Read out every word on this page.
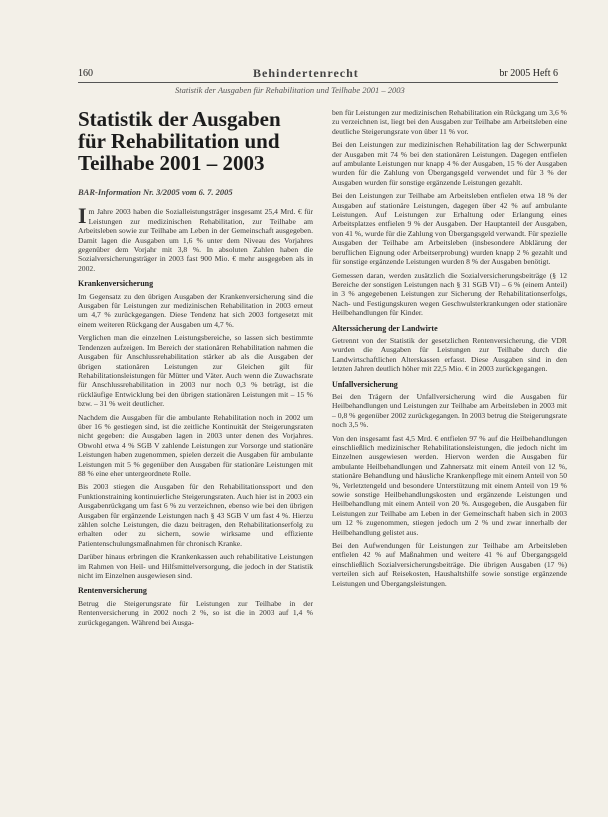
160	Behindertenrecht	br 2005 Heft 6
Statistik der Ausgaben für Rehabilitation und Teilhabe 2001 – 2003
Statistik der Ausgaben für Rehabilitation und Teilhabe 2001 – 2003
BAR-Information Nr. 3/2005 vom 6. 7. 2005

Im Jahre 2003 haben die Sozialleistungsträger insgesamt 25,4 Mrd. € für Leistungen zur medizinischen Rehabilitation, zur Teilhabe am Arbeitsleben sowie zur Teilhabe am Leben in der Gemeinschaft ausgegeben. Damit lagen die Ausgaben um 1,6 % unter dem Niveau des Vorjahres gegenüber dem Vorjahr mit 3,8 %. In absoluten Zahlen haben die Sozialversicherungsträger in 2003 fast 900 Mio. € mehr ausgegeben als in 2002.

Krankenversicherung

Im Gegensatz zu den übrigen Ausgaben der Krankenversicherung sind die Ausgaben für Leistungen zur medizinischen Rehabilitation in 2003 erneut um 4,7 % zurückgegangen. Diese Tendenz hat sich 2003 fortgesetzt mit einem weiteren Rückgang der Ausgaben um 4,7 %.

Verglichen man die einzelnen Leistungsbereiche, so lassen sich bestimmte Tendenzen aufzeigen. Im Bereich der stationären Rehabilitation nahmen die Ausgaben für Anschlussrehabilitation stärker ab als die Ausgaben der übrigen stationären Leistungen zur Gleichen gilt für Rehabilitationsleistungen für Mütter und Väter. Auch wenn die Zuwachsrate für Anschlussrehabilitation in 2003 nur noch 0,3 % beträgt, ist die rückläufige Entwicklung bei den übrigen stationären Leistungen mit – 15 % bzw. – 31 % weit deutlicher.

Nachdem die Ausgaben für die ambulante Rehabilitation noch in 2002 um über 16 % gestiegen sind, ist die zeitliche Kontinuität der Steigerungsraten nicht gegeben: die Ausgaben lagen in 2003 unter denen des Vorjahres. Obwohl etwa 4 % SGB V zahlende Leistungen zur Vorsorge und stationäre Leistungen haben zugenommen, spielen derzeit die Ausgaben für ambulante Leistungen mit 5 % gegenüber den Ausgaben für stationäre Leistungen mit 88 % eine eher untergeordnete Rolle.

Bis 2003 stiegen die Ausgaben für den Rehabilitationssport und den Funktionstraining kontinuierliche Steigerungsraten. Auch hier ist in 2003 ein Ausgabenrückgang um fast 6 % zu verzeichnen, ebenso wie bei den übrigen Ausgaben für ergänzende Leistungen nach § 43 SGB V um fast 4 %. Hierzu zählen solche Leistungen, die dazu beitragen, den Rehabilitationserfolg zu erhalten oder zu sichern, sowie wirksame und effiziente Patientenschulungsmaßnahmen für chronisch Kranke.

Darüber hinaus erbringen die Krankenkassen auch rehabilitative Leistungen im Rahmen von Heil- und Hilfsmittelversorgung, die jedoch in der Statistik nicht im Einzelnen ausgewiesen sind.

Rentenversicherung

Betrug die Steigerungsrate für Leistungen zur Teilhabe in der Rentenversicherung in 2002 noch 2 %, so ist die in 2003 auf 1,4 % zurückgegangen. Während bei Ausga-

ben für Leistungen zur medizinischen Rehabilitation ein Rückgang um 3,6 % zu verzeichnen ist, liegt bei den Ausgaben zur Teilhabe am Arbeitsleben eine deutliche Steigerungsrate von über 11 % vor.

Bei den Leistungen zur medizinischen Rehabilitation lag der Schwerpunkt der Ausgaben mit 74 % bei den stationären Leistungen. Dagegen entfielen auf ambulante Leistungen nur knapp 4 % der Ausgaben, 15 % der Ausgaben wurden für die Zahlung von Übergangsgeld verwendet und für 3 % der Ausgaben wurden für sonstige ergänzende Leistungen gezahlt.

Bei den Leistungen zur Teilhabe am Arbeitsleben entfielen etwa 18 % der Ausgaben auf stationäre Leistungen, dagegen über 42 % auf ambulante Leistungen. Auf Leistungen zur Erhaltung oder Erlangung eines Arbeitsplatzes entfielen 9 % der Ausgaben. Der Hauptanteil der Ausgaben, von 41 %, wurde für die Zahlung von Übergangsgeld verwandt. Für spezielle Ausgaben der Teilhabe am Arbeitsleben (insbesondere Abklärung der beruflichen Eignung oder Arbeitserprobung) wurden knapp 2 % gezahlt und für sonstige ergänzende Leistungen wurden 8 % der Ausgaben benötigt.

Gemessen daran, werden zusätzlich die Sozialversicherungsbeiträge (§ 12 Bereiche der sonstigen Leistungen nach § 31 SGB VI) – 6 % (einem Anteil) in 3 % angegebenen Leistungen zur Sicherung der Rehabilitationserfolgs, Nach- und Festigungskuren wegen Geschwulsterkrankungen oder stationäre Heilbehandlungen für Kinder.

Alterssicherung der Landwirte

Getrennt von der Statistik der gesetzlichen Rentenversicherung, die VDR wurden die Ausgaben für Leistungen zur Teilhabe durch die Landwirtschaftlichen Alterskassen erfasst. Diese Ausgaben sind in den letzten Jahren deutlich höher mit 22,5 Mio. € in 2003 zurückgegangen.

Unfallversicherung

Bei den Trägern der Unfallversicherung wird die Ausgaben für Heilbehandlungen und Leistungen zur Teilhabe am Arbeitsleben in 2003 mit – 0,8 % gegenüber 2002 zurückgegangen. In 2003 betrug die Steigerungsrate noch 3,5 %.

Von den insgesamt fast 4,5 Mrd. € entfielen 97 % auf die Heilbehandlungen einschließlich medizinischer Rehabilitationsleistungen, die jedoch nicht im Einzelnen ausgewiesen werden. Hiervon werden die Ausgaben für ambulante Heilbehandlungen und Zahnersatz mit einem Anteil von 12 %, stationäre Behandlung und häusliche Krankenpflege mit einem Anteil von 50 %, Verletztengeld und besondere Unterstützung mit einem Anteil von 19 % sowie sonstige Heilbehandlungskosten und ergänzende Leistungen und Heilbehandlung mit einem Anteil von 20 %. Ausgegeben, die Ausgaben für Leistungen zur Teilhabe am Leben in der Gemeinschaft haben sich in 2003 um 12 % zugenommen, stiegen jedoch um 2 % und zwar innerhalb der Heilbehandlung gelistet aus.

Bei den Aufwendungen für Leistungen zur Teilhabe am Arbeitsleben entfielen 42 % auf Maßnahmen und weitere 41 % auf Übergangsgeld einschließlich Sozialversicherungsbeiträge. Die übrigen Ausgaben (17 %) verteilen sich auf Reisekosten, Haushaltshilfe sowie sonstige ergänzende Leistungen und Übergangsleistungen.
